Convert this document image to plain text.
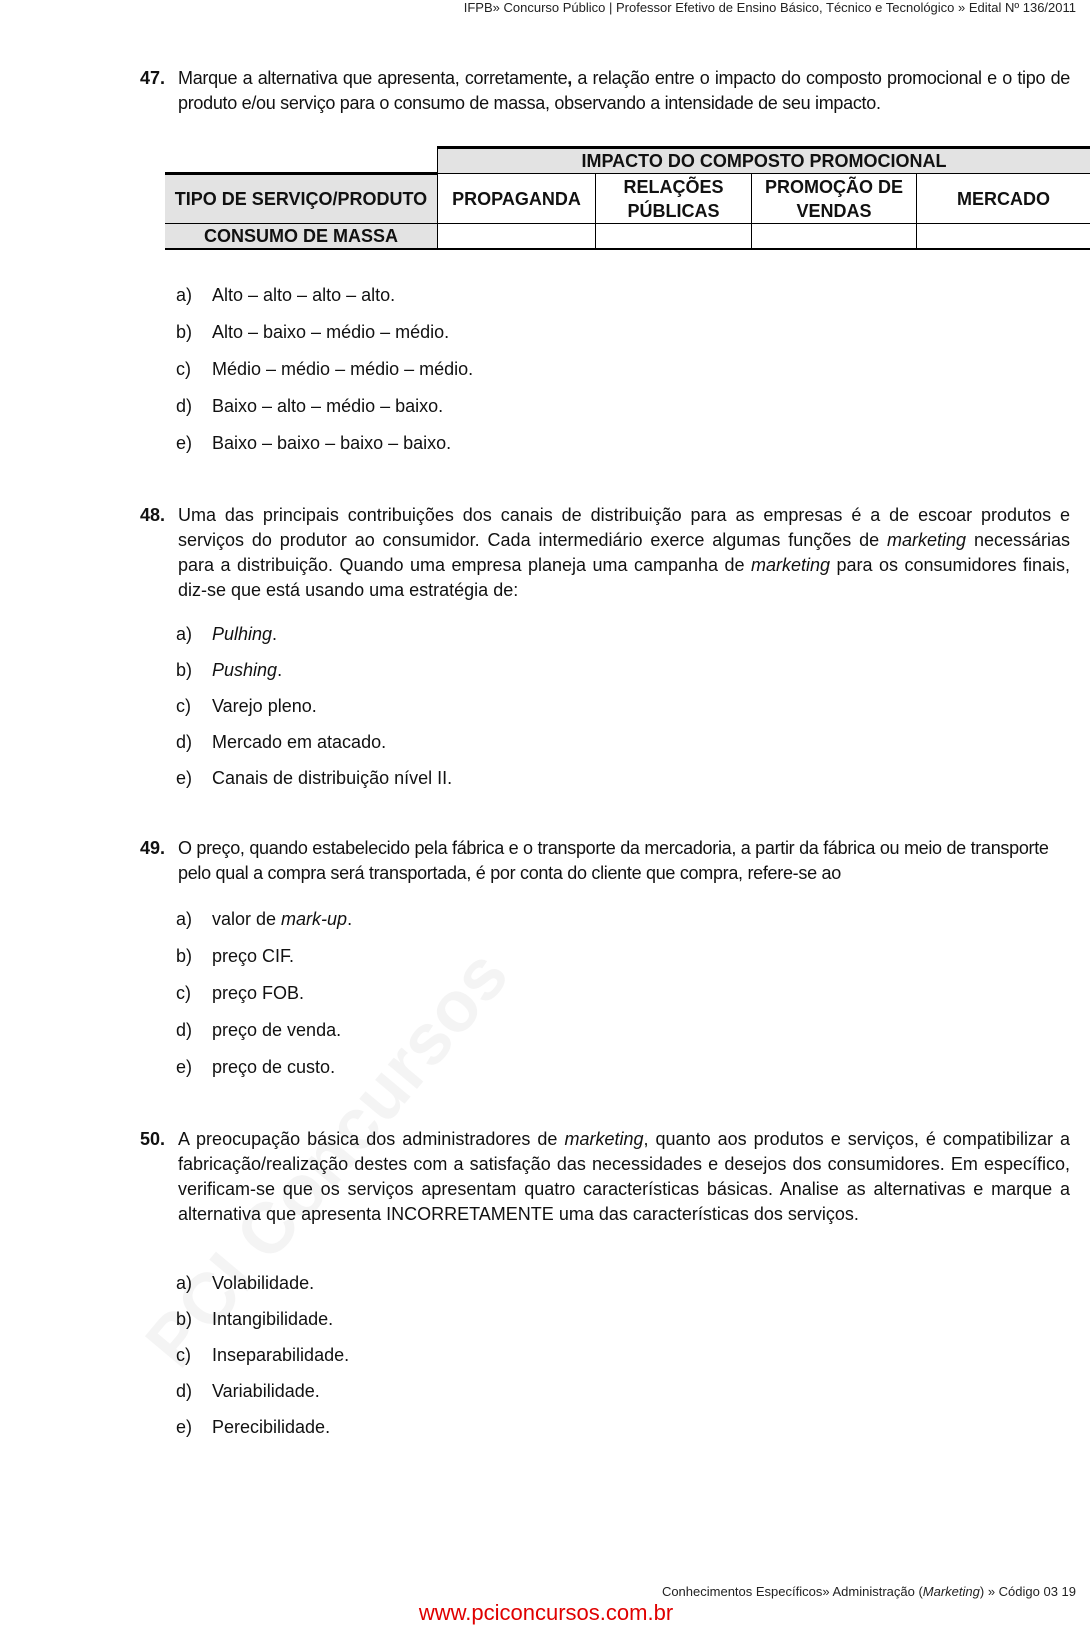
IFPB» Concurso Público | Professor Efetivo de Ensino Básico, Técnico e Tecnológico » Edital Nº 136/2011
47. Marque a alternativa que apresenta, corretamente, a relação entre o impacto do composto promocional e o tipo de produto e/ou serviço para o consumo de massa, observando a intensidade de seu impacto.
	IMPACTO DO COMPOSTO PROMOCIONAL			
TIPO DE SERVIÇO/PRODUTO	PROPAGANDA	RELAÇÕES PÚBLICAS	PROMOÇÃO DE VENDAS	MERCADO
CONSUMO DE MASSA				
a) Alto – alto – alto – alto.
b) Alto – baixo – médio – médio.
c) Médio – médio – médio – médio.
d) Baixo – alto – médio – baixo.
e) Baixo – baixo – baixo – baixo.
48. Uma das principais contribuições dos canais de distribuição para as empresas é a de escoar produtos e serviços do produtor ao consumidor. Cada intermediário exerce algumas funções de marketing necessárias para a distribuição. Quando uma empresa planeja uma campanha de marketing para os consumidores finais, diz-se que está usando uma estratégia de:
a) Pulhing.
b) Pushing.
c) Varejo pleno.
d) Mercado em atacado.
e) Canais de distribuição nível II.
49. O preço, quando estabelecido pela fábrica e o transporte da mercadoria, a partir da fábrica ou meio de transporte pelo qual a compra será transportada, é por conta do cliente que compra, refere-se ao
a) valor de mark-up.
b) preço CIF.
c) preço FOB.
d) preço de venda.
e) preço de custo.
50. A preocupação básica dos administradores de marketing, quanto aos produtos e serviços, é compatibilizar a fabricação/realização destes com a satisfação das necessidades e desejos dos consumidores. Em específico, verificam-se que os serviços apresentam quatro características básicas. Analise as alternativas e marque a alternativa que apresenta INCORRETAMENTE uma das características dos serviços.
a) Volabilidade.
b) Intangibilidade.
c) Inseparabilidade.
d) Variabilidade.
e) Perecibilidade.
Conhecimentos Específicos» Administração (Marketing) » Código 03 19
www.pciconcursos.com.br
